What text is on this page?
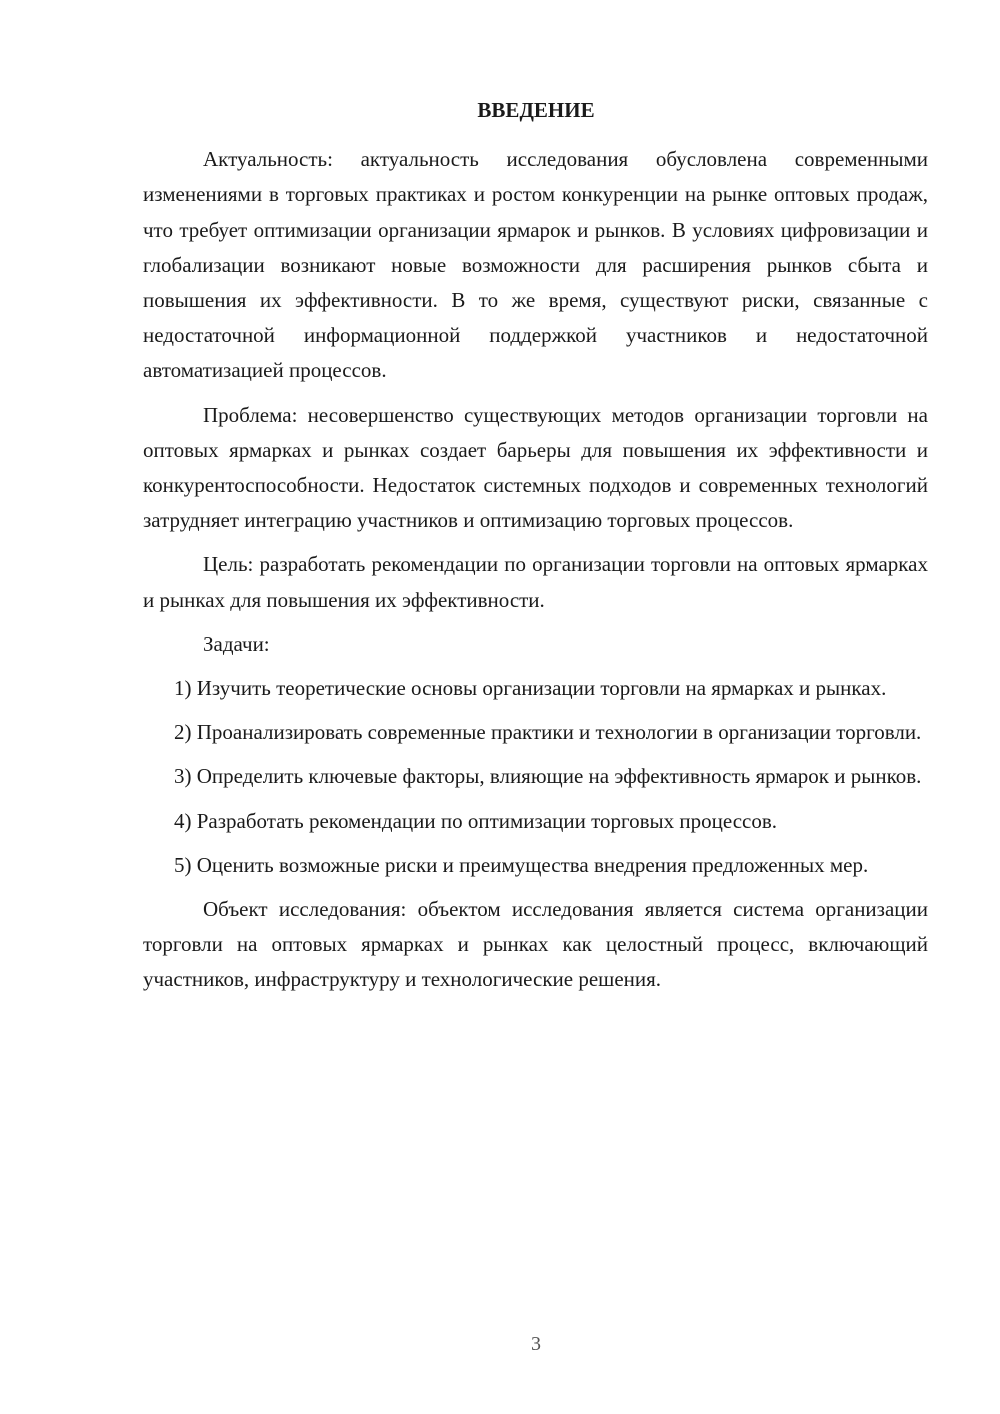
ВВЕДЕНИЕ

Актуальность: актуальность исследования обусловлена современными изменениями в торговых практиках и ростом конкуренции на рынке оптовых продаж, что требует оптимизации организации ярмарок и рынков. В условиях цифровизации и глобализации возникают новые возможности для расширения рынков сбыта и повышения их эффективности. В то же время, существуют риски, связанные с недостаточной информационной поддержкой участников и недостаточной автоматизацией процессов.

Проблема: несовершенство существующих методов организации торговли на оптовых ярмарках и рынках создает барьеры для повышения их эффективности и конкурентоспособности. Недостаток системных подходов и современных технологий затрудняет интеграцию участников и оптимизацию торговых процессов.

Цель: разработать рекомендации по организации торговли на оптовых ярмарках и рынках для повышения их эффективности.

Задачи:

1) Изучить теоретические основы организации торговли на ярмарках и рынках.

2) Проанализировать современные практики и технологии в организации торговли.

3) Определить ключевые факторы, влияющие на эффективность ярмарок и рынков.

4) Разработать рекомендации по оптимизации торговых процессов.

5) Оценить возможные риски и преимущества внедрения предложенных мер.

Объект исследования: объектом исследования является система организации торговли на оптовых ярмарках и рынках как целостный процесс, включающий участников, инфраструктуру и технологические решения.

3
